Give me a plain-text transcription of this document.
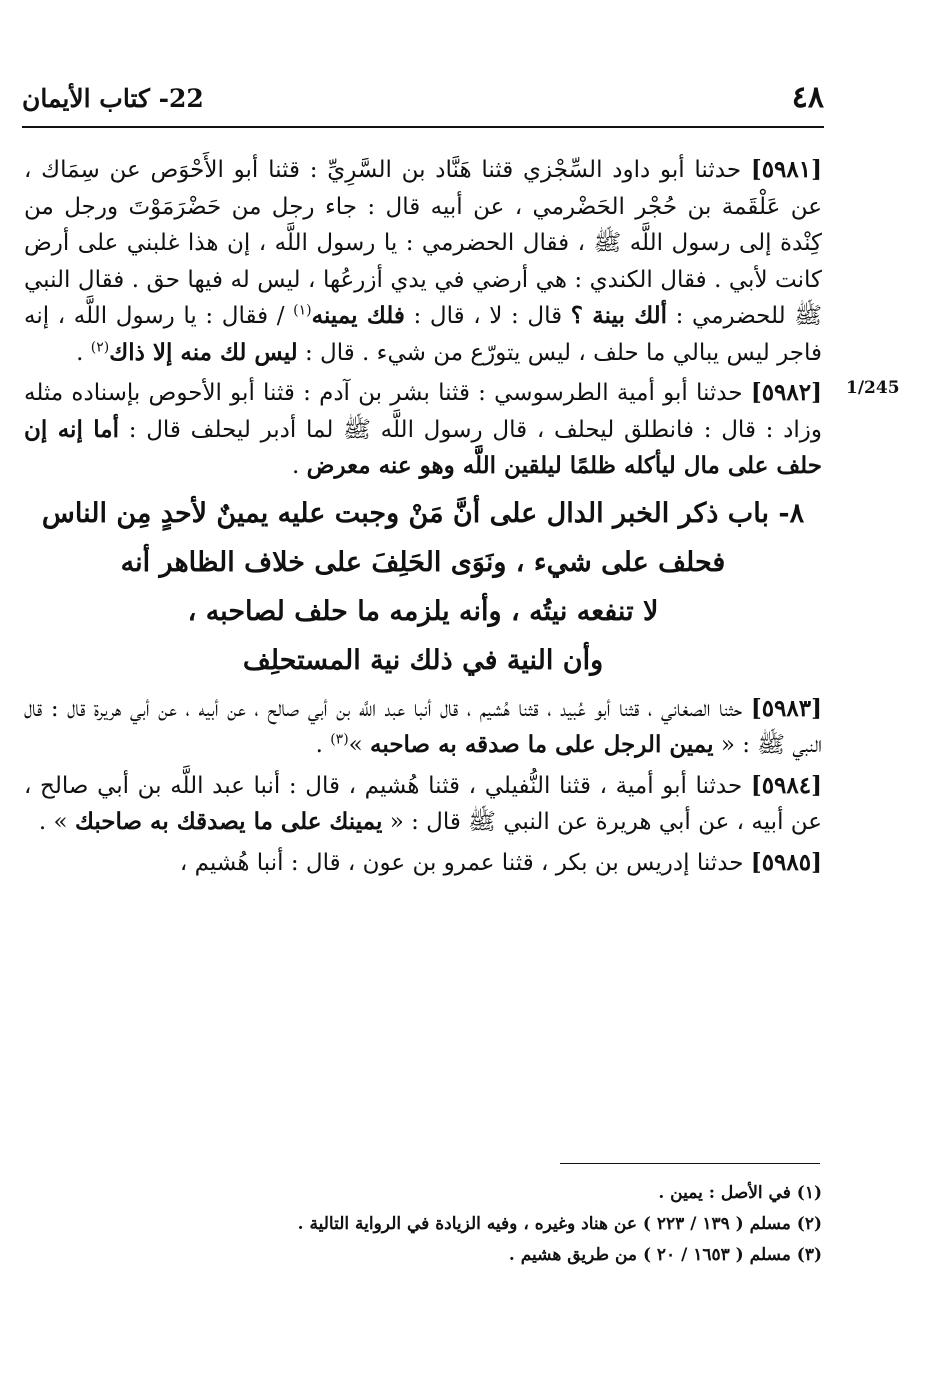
٤٨
22- كتاب الأيمان
1/245

[٥٩٨١] حدثنا أبو داود السِّجْزي قثنا هَنَّاد بن السَّرِيِّ : قثنا أبو الأَحْوَص عن سِمَاك ، عن عَلْقَمة بن حُجْر الحَضْرمي ، عن أبيه قال : جاء رجل من حَضْرَمَوْتَ ورجل من كِنْدة إلى رسول اللَّه ﷺ ، فقال الحضرمي : يا رسول اللَّه ، إن هذا غلبني على أرض كانت لأبي . فقال الكندي : هي أرضي في يدي أزرعُها ، ليس له فيها حق . فقال النبي ﷺ للحضرمي : ألك بينة ؟ قال : لا ، قال : فلك يمينه$^{(١)}$ / فقال : يا رسول اللَّه ، إنه فاجر ليس يبالي ما حلف ، ليس يتورّع من شيء . قال : ليس لك منه إلا ذاك$^{(٢)}$ .

[٥٩٨٢] حدثنا أبو أمية الطرسوسي : قثنا بشر بن آدم : قثنا أبو الأحوص بإسناده مثله وزاد : قال : فانطلق ليحلف ، قال رسول اللَّه ﷺ لما أدبر ليحلف قال : أما إنه إن حلف على مال ليأكله ظلمًا ليلقين اللَّه وهو عنه معرض .

٨- باب ذكر الخبر الدال على أنَّ مَنْ وجبت عليه يمينٌ لأحدٍ مِن الناس
فحلف على شيء ، ونَوَى الحَلِفَ على خلاف الظاهر أنه
لا تنفعه نيتُه ، وأنه يلزمه ما حلف لصاحبه ،
وأن النية في ذلك نية المستحلِف

[٥٩٨٣] حثنا الصغاني ، قثنا أبو عُبيد ، قثنا هُشيم ، قال أنبا عبد اللَّه بن أبي صالح ، عن أبيه ، عن أبي هريرة قال : قال النبي ﷺ : « يمين الرجل على ما صدقه به صاحبه »$^{(٣)}$ .

[٥٩٨٤] حدثنا أبو أمية ، قثنا النُّفيلي ، قثنا هُشيم ، قال : أنبا عبد اللَّه بن أبي صالح ، عن أبيه ، عن أبي هريرة عن النبي ﷺ قال : « يمينك على ما يصدقك به صاحبك » .

[٥٩٨٥] حدثنا إدريس بن بكر ، قثنا عمرو بن عون ، قال : أنبا هُشيم ،

(١) في الأصل : يمين .
(٢) مسلم ( ١٣٩ / ٢٢٣ ) عن هناد وغيره ، وفيه الزيادة في الرواية التالية .
(٣) مسلم ( ١٦٥٣ / ٢٠ ) من طريق هشيم .
